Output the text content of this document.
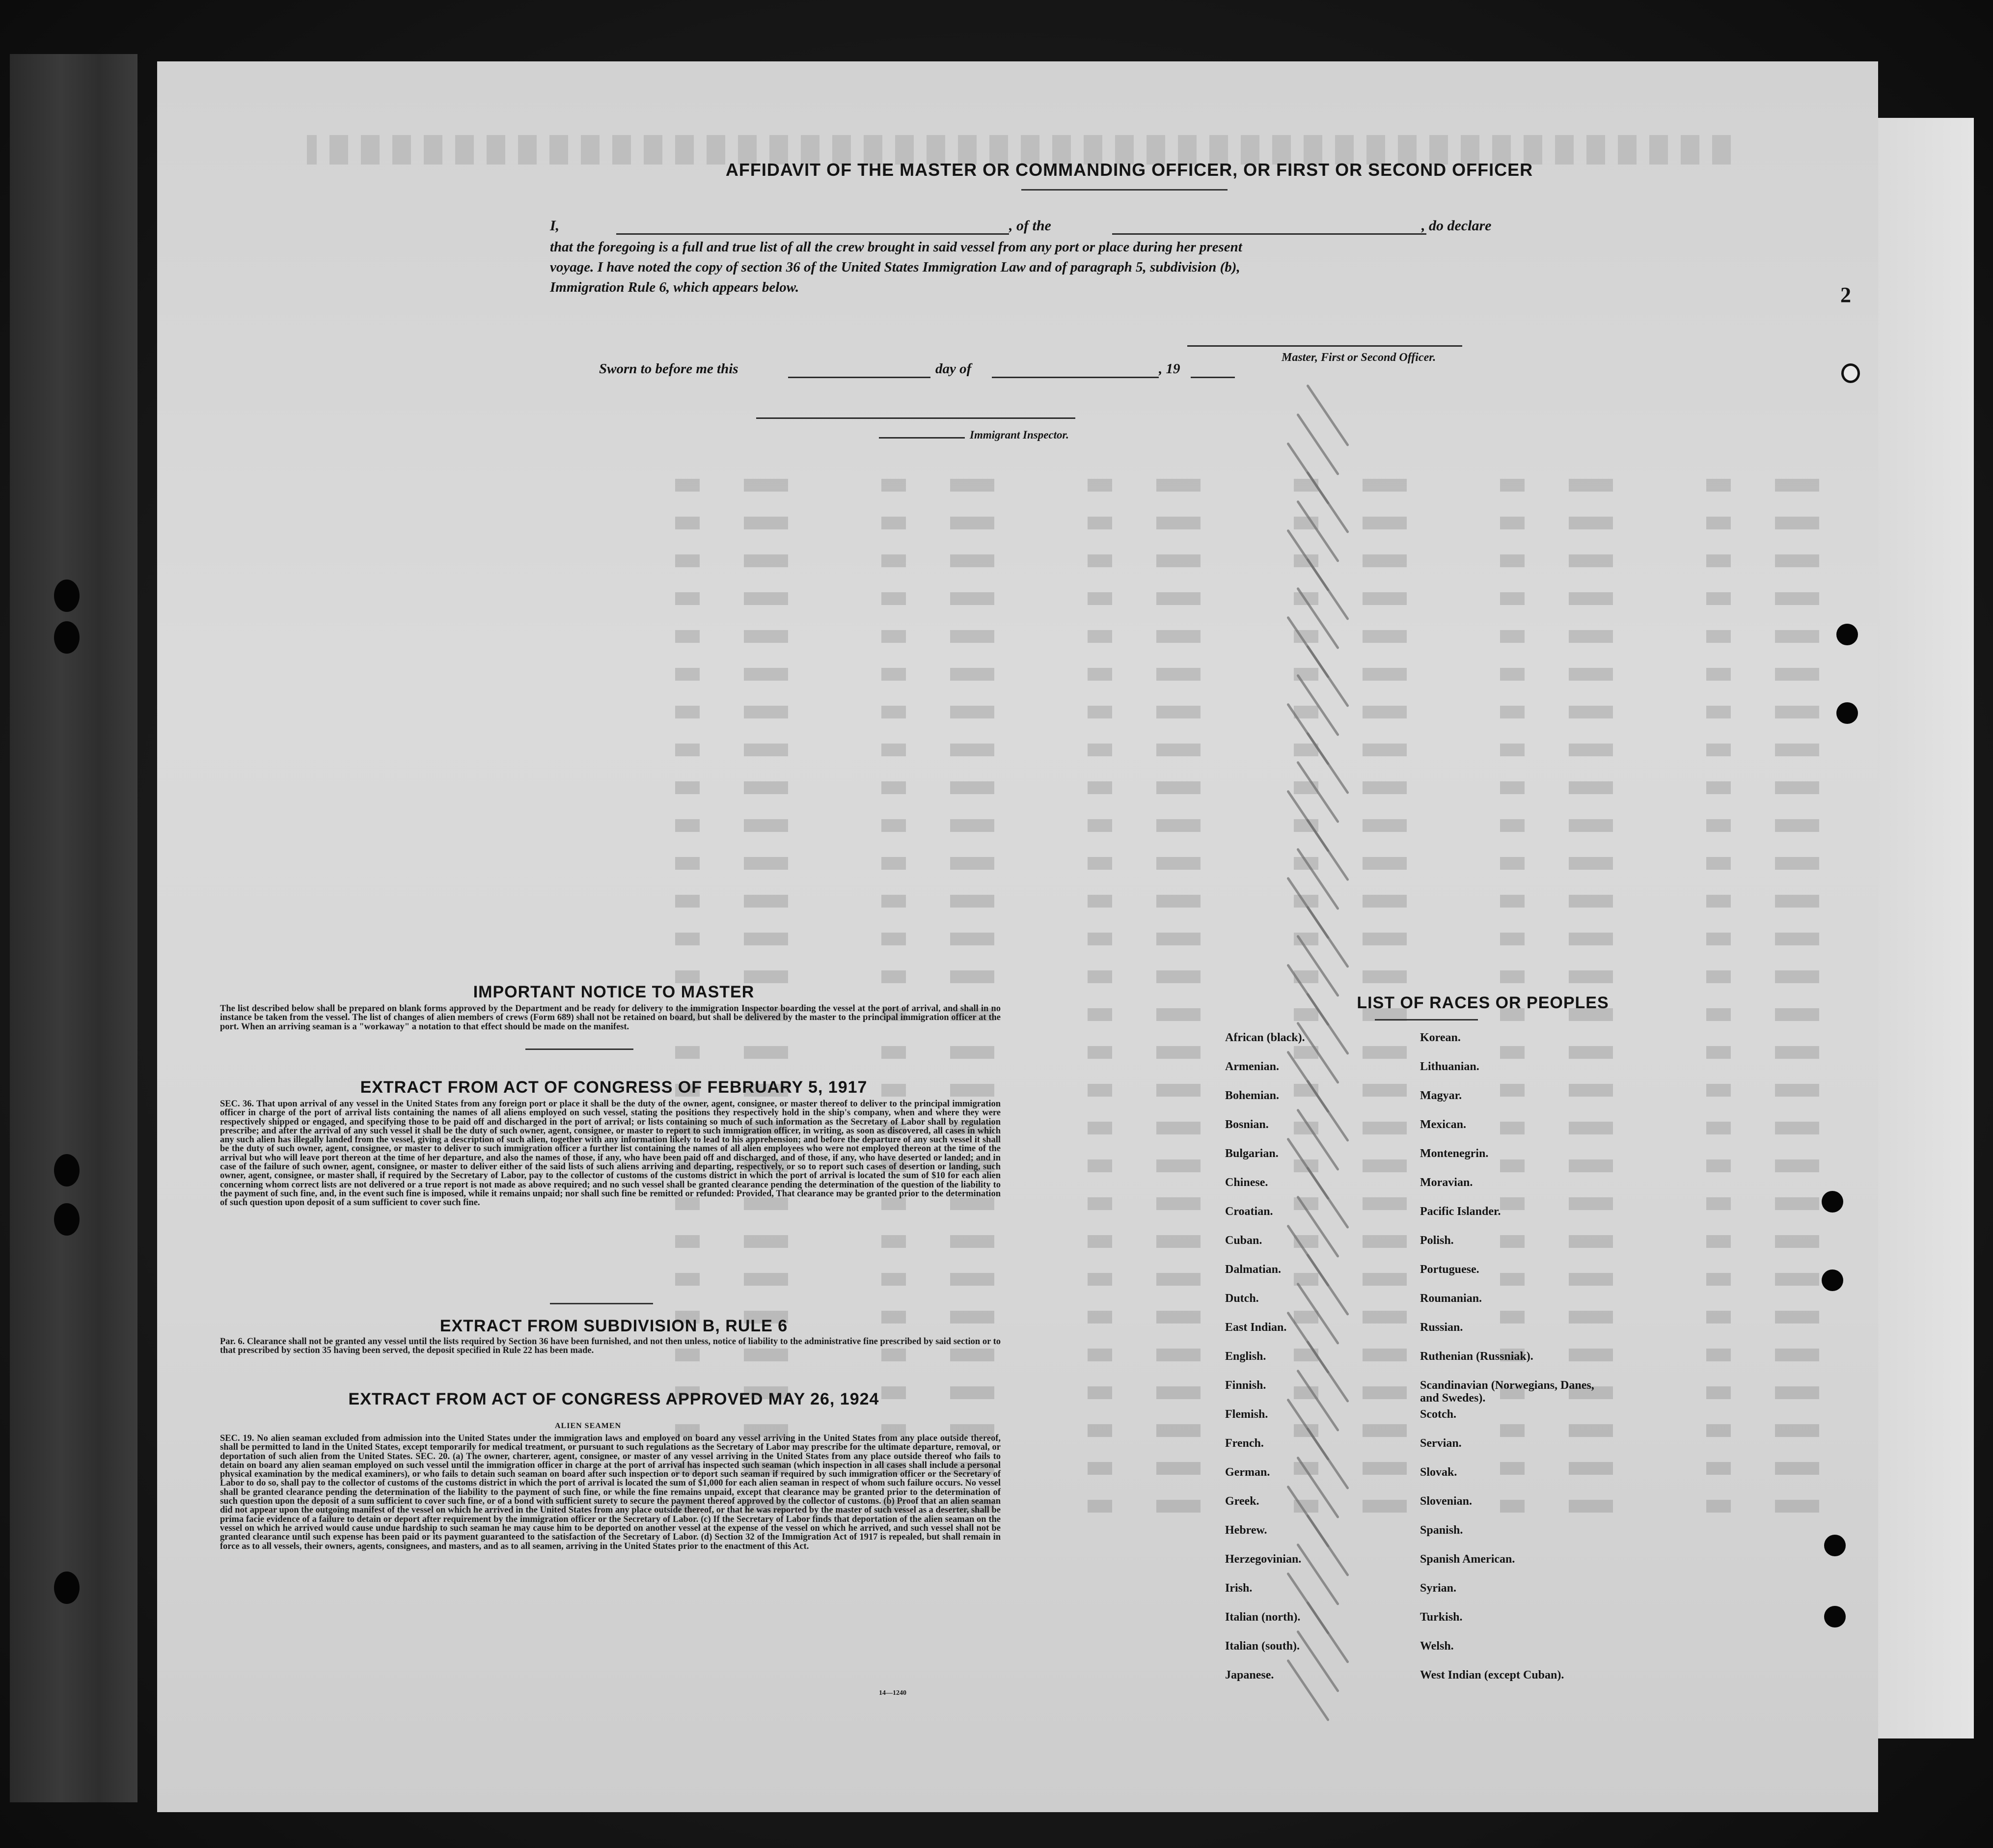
AFFIDAVIT OF THE MASTER OR COMMANDING OFFICER, OR FIRST OR SECOND OFFICER
I,	, of the	, do declare
that the foregoing is a full and true list of all the crew brought in said vessel from any port or place during her present
voyage. I have noted the copy of section 36 of the United States Immigration Law and of paragraph 5, subdivision (b),
Immigration Rule 6, which appears below.
Master, First or Second Officer.
Sworn to before me this	day of	, 19
Immigrant Inspector.
IMPORTANT NOTICE TO MASTER
The list described below shall be prepared on blank forms approved by the Department and be ready for delivery to the immigration Inspector boarding the vessel at the port of arrival, and shall in no instance be taken from the vessel. The list of changes of alien members of crews (Form 689) shall not be retained on board, but shall be delivered by the master to the principal immigration officer at the port. When an arriving seaman is a "workaway" a notation to that effect should be made on the manifest.
EXTRACT FROM ACT OF CONGRESS OF FEBRUARY 5, 1917
SEC. 36. That upon arrival of any vessel in the United States from any foreign port or place it shall be the duty of the owner, agent, consignee, or master thereof to deliver to the principal immigration officer in charge of the port of arrival lists containing the names of all aliens employed on such vessel, stating the positions they respectively hold in the ship's company, when and where they were respectively shipped or engaged, and specifying those to be paid off and discharged in the port of arrival; or lists containing so much of such information as the Secretary of Labor shall by regulation prescribe; and after the arrival of any such vessel it shall be the duty of such owner, agent, consignee, or master to report to such immigration officer, in writing, as soon as discovered, all cases in which any such alien has illegally landed from the vessel, giving a description of such alien, together with any information likely to lead to his apprehension; and before the departure of any such vessel it shall be the duty of such owner, agent, consignee, or master to deliver to such immigration officer a further list containing the names of all alien employees who were not employed thereon at the time of the arrival but who will leave port thereon at the time of her departure, and also the names of those, if any, who have been paid off and discharged, and of those, if any, who have deserted or landed; and in case of the failure of such owner, agent, consignee, or master to deliver either of the said lists of such aliens arriving and departing, respectively, or so to report such cases of desertion or landing, such owner, agent, consignee, or master shall, if required by the Secretary of Labor, pay to the collector of customs of the customs district in which the port of arrival is located the sum of $10 for each alien concerning whom correct lists are not delivered or a true report is not made as above required; and no such vessel shall be granted clearance pending the determination of the question of the liability to the payment of such fine, and, in the event such fine is imposed, while it remains unpaid; nor shall such fine be remitted or refunded: Provided, That clearance may be granted prior to the determination of such question upon deposit of a sum sufficient to cover such fine.
EXTRACT FROM SUBDIVISION B, RULE 6
Par. 6. Clearance shall not be granted any vessel until the lists required by Section 36 have been furnished, and not then unless, notice of liability to the administrative fine prescribed by said section or to that prescribed by section 35 having been served, the deposit specified in Rule 22 has been made.
EXTRACT FROM ACT OF CONGRESS APPROVED MAY 26, 1924
ALIEN SEAMEN
SEC. 19. No alien seaman excluded from admission into the United States under the immigration laws and employed on board any vessel arriving in the United States from any place outside thereof, shall be permitted to land in the United States, except temporarily for medical treatment, or pursuant to such regulations as the Secretary of Labor may prescribe for the ultimate departure, removal, or deportation of such alien from the United States. SEC. 20. (a) The owner, charterer, agent, consignee, or master of any vessel arriving in the United States from any place outside thereof who fails to detain on board any alien seaman employed on such vessel until the immigration officer in charge at the port of arrival has inspected such seaman (which inspection in all cases shall include a personal physical examination by the medical examiners), or who fails to detain such seaman on board after such inspection or to deport such seaman if required by such immigration officer or the Secretary of Labor to do so, shall pay to the collector of customs of the customs district in which the port of arrival is located the sum of $1,000 for each alien seaman in respect of whom such failure occurs. No vessel shall be granted clearance pending the determination of the liability to the payment of such fine, or while the fine remains unpaid, except that clearance may be granted prior to the determination of such question upon the deposit of a sum sufficient to cover such fine, or of a bond with sufficient surety to secure the payment thereof approved by the collector of customs. (b) Proof that an alien seaman did not appear upon the outgoing manifest of the vessel on which he arrived in the United States from any place outside thereof, or that he was reported by the master of such vessel as a deserter, shall be prima facie evidence of a failure to detain or deport after requirement by the immigration officer or the Secretary of Labor. (c) If the Secretary of Labor finds that deportation of the alien seaman on the vessel on which he arrived would cause undue hardship to such seaman he may cause him to be deported on another vessel at the expense of the vessel on which he arrived, and such vessel shall not be granted clearance until such expense has been paid or its payment guaranteed to the satisfaction of the Secretary of Labor. (d) Section 32 of the Immigration Act of 1917 is repealed, but shall remain in force as to all vessels, their owners, agents, consignees, and masters, and as to all seamen, arriving in the United States prior to the enactment of this Act.
14—1240
LIST OF RACES OR PEOPLES
2
African (black).
Armenian.
Bohemian.
Bosnian.
Bulgarian.
Chinese.
Croatian.
Cuban.
Dalmatian.
Dutch.
East Indian.
English.
Finnish.
Flemish.
French.
German.
Greek.
Hebrew.
Herzegovinian.
Irish.
Italian (north).
Italian (south).
Japanese.
Korean.
Lithuanian.
Magyar.
Mexican.
Montenegrin.
Moravian.
Pacific Islander.
Polish.
Portuguese.
Roumanian.
Russian.
Ruthenian (Russniak).
Scandinavian (Norwegians, Danes, and Swedes).
Scotch.
Servian.
Slovak.
Slovenian.
Spanish.
Spanish American.
Syrian.
Turkish.
Welsh.
West Indian (except Cuban).
